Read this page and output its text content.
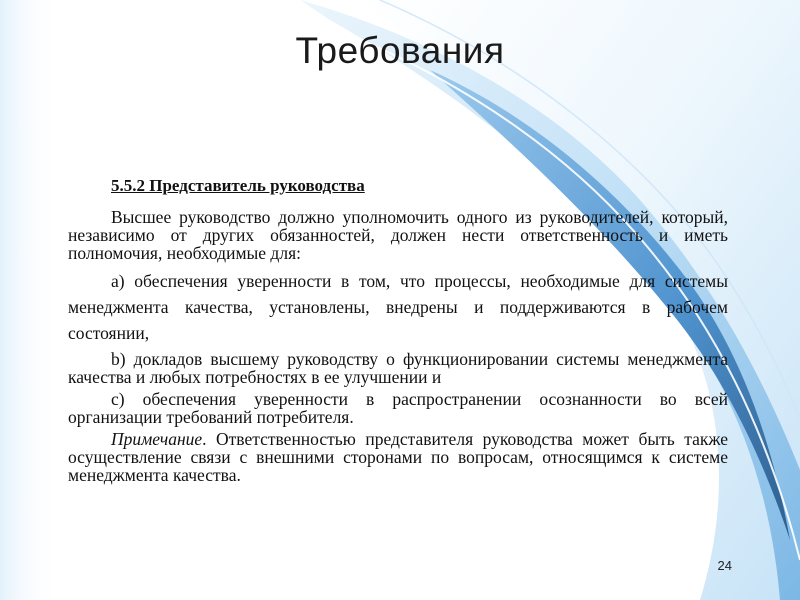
Требования

5.5.2 Представитель руководства

Высшее руководство должно уполномочить одного из руководителей, который, независимо от других обязанностей, должен нести ответственность и иметь полномочия, необходимые для:

a) обеспечения уверенности в том, что процессы, необходимые для системы менеджмента качества, установлены, внедрены и поддерживаются в рабочем состоянии,

b) докладов высшему руководству о функционировании системы менеджмента качества и любых потребностях в ее улучшении и

c) обеспечения уверенности в распространении осознанности во всей организации требований потребителя.

Примечание. Ответственностью представителя руководства может быть также осуществление связи с внешними сторонами по вопросам, относящимся к системе менеджмента качества.

24
